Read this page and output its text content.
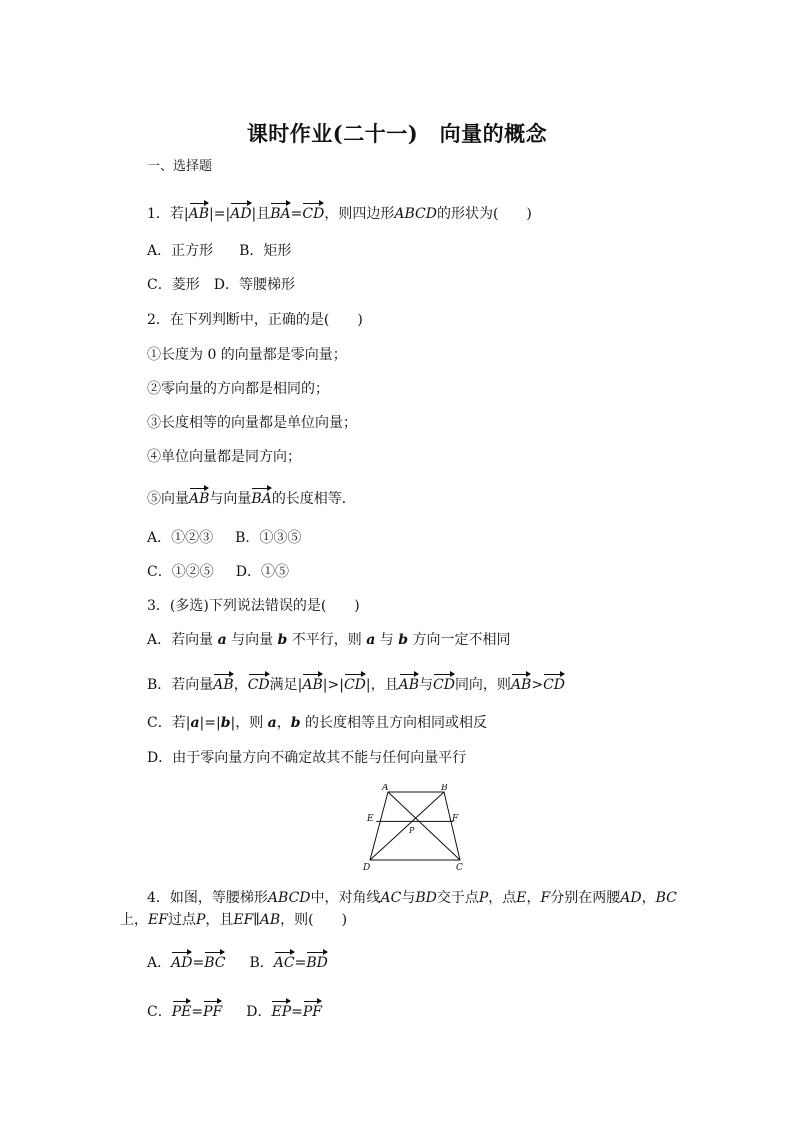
课时作业(二十一)　向量的概念
一、选择题
1．若|AB|=|AD|且BA=CD，则四边形ABCD的形状为(　　)
A．正方形 B．矩形
C．菱形 D．等腰梯形
2．在下列判断中，正确的是(　　)
①长度为 0 的向量都是零向量；
②零向量的方向都是相同的；
③长度相等的向量都是单位向量；
④单位向量都是同方向；
⑤向量AB与向量BA的长度相等．
A．①②③ B．①③⑤
C．①②⑤ D．①⑤
3．(多选)下列说法错误的是(　　)
A．若向量 a 与向量 b 不平行，则 a 与 b 方向一定不相同
B．若向量AB，CD满足|AB|>|CD|，且AB与CD同向，则AB>CD
C．若|a|=|b|，则 a，b 的长度相等且方向相同或相反
D．由于零向量方向不确定故其不能与任何向量平行
A	B
C
D
E	F
P
4．如图，等腰梯形ABCD中，对角线AC与BD交于点P，点E，F分别在两腰AD，BC
上，EF过点P，且EF∥AB，则(　　)
A．AD=BC B．AC=BD
C．PE=PF D．EP=PF
